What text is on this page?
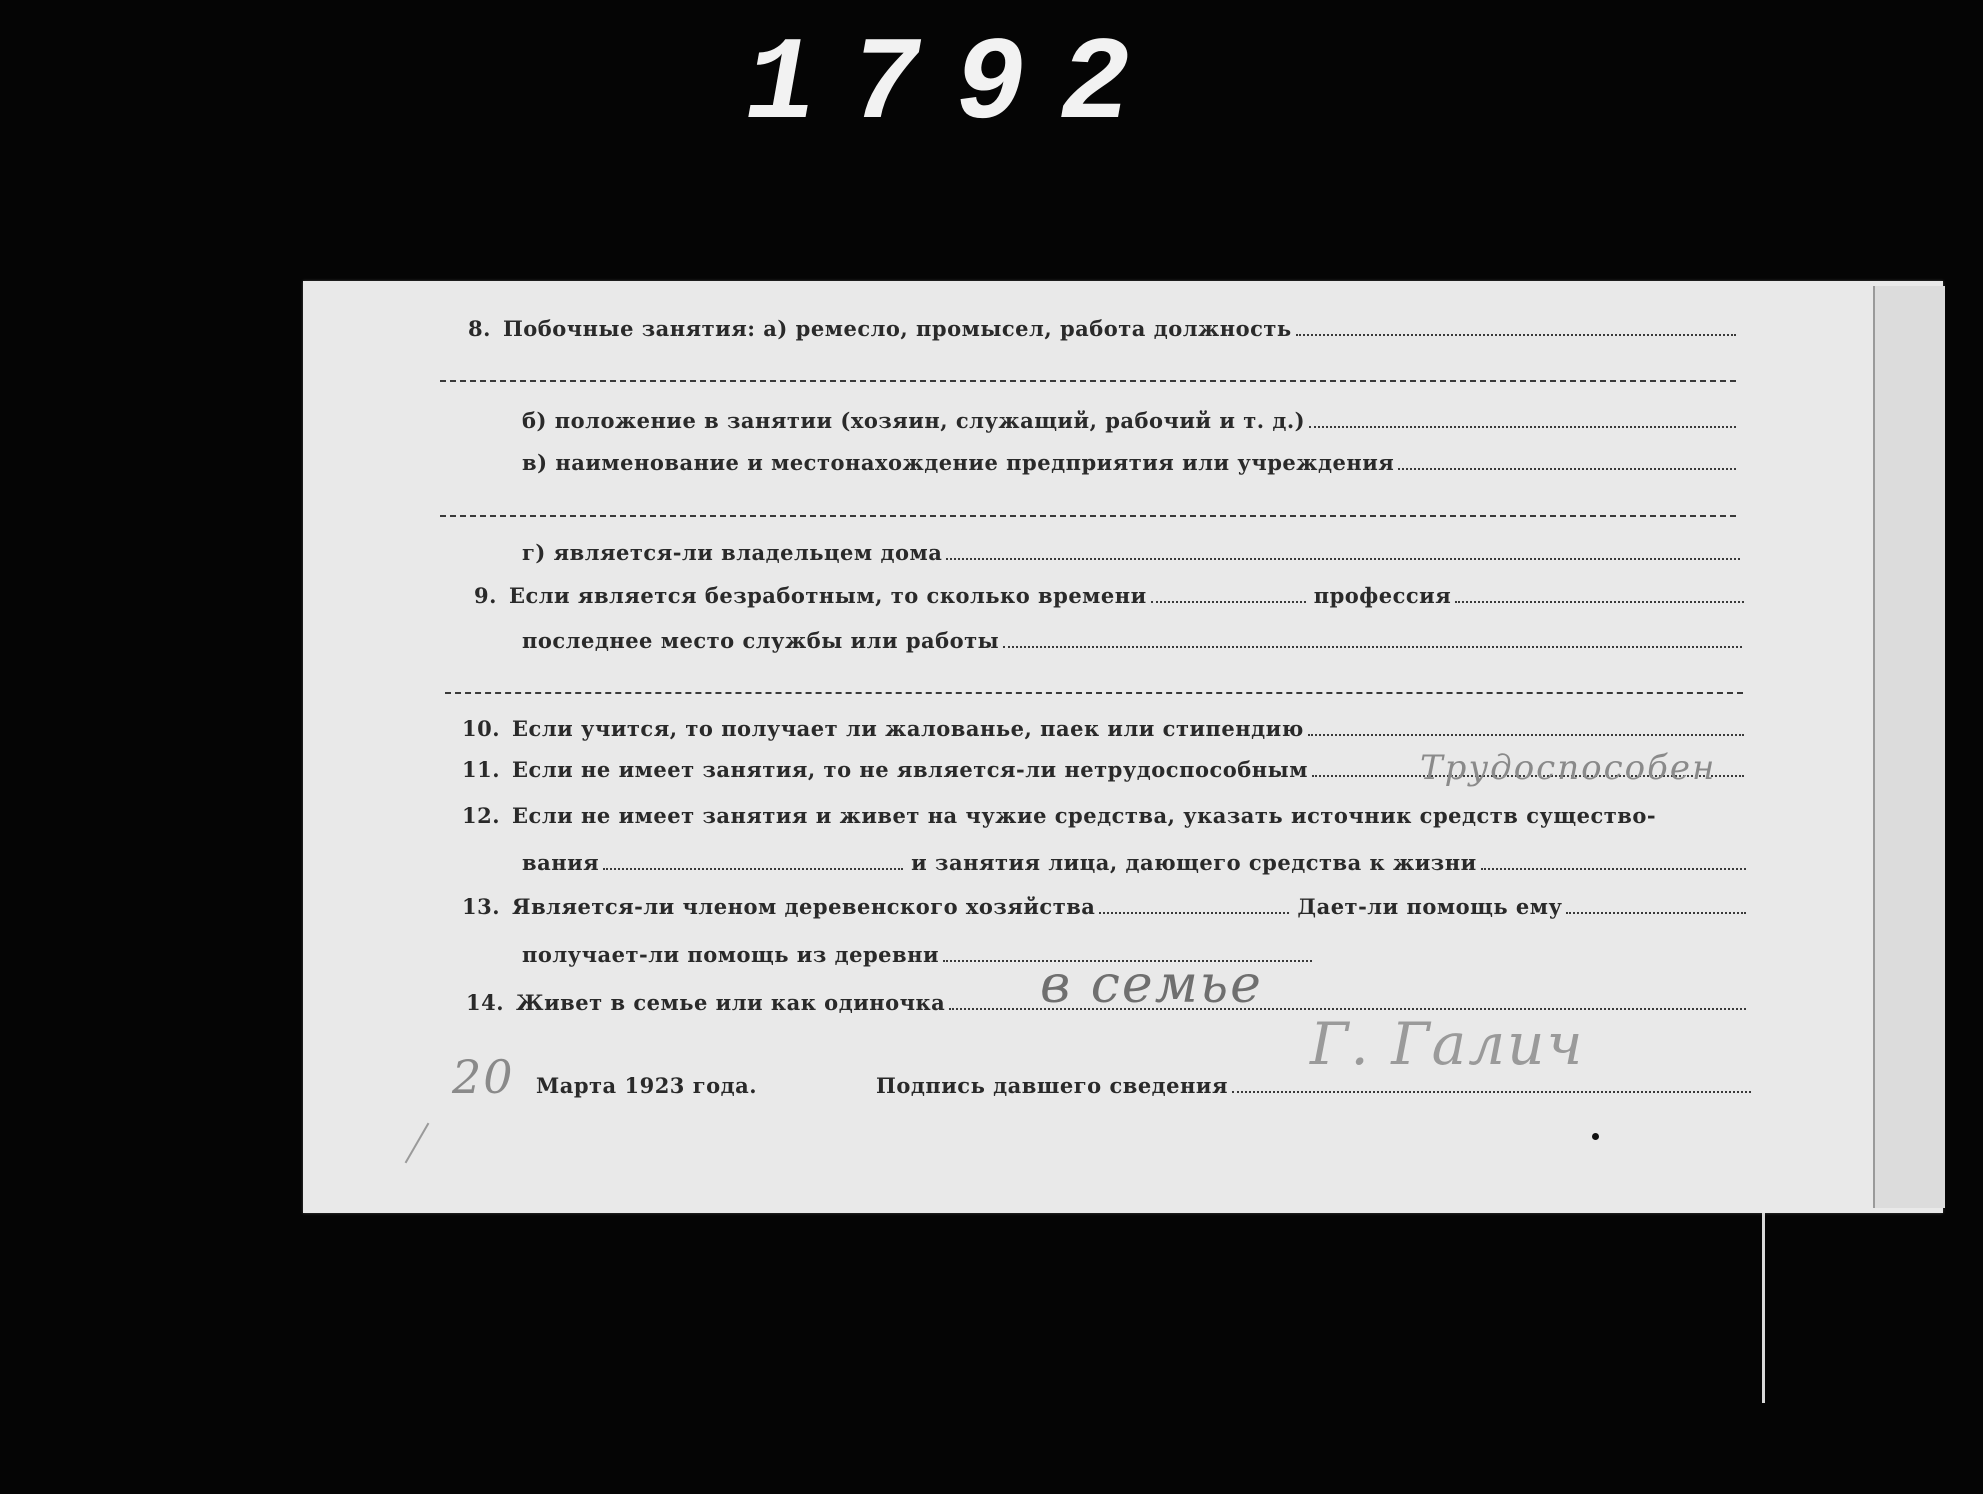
1792
8. Побочные занятия: а) ремесло, промысел, работа должность
б) положение в занятии (хозяин, служащий, рабочий и т. д.)
в) наименование и местонахождение предприятия или учреждения
г) является-ли владельцем дома
9. Если является безработным, то сколько времени	профессия
последнее место службы или работы
10. Если учится, то получает ли жалованье, паек или стипендию
11. Если не имеет занятия, то не является-ли нетрудоспособным	Трудоспособен
12. Если не имеет занятия и живет на чужие средства, указать источник средств существо-
вания	и занятия лица, дающего средства к жизни
13. Является-ли членом деревенского хозяйства	Дает-ли помощь ему
получает-ли помощь из деревни
14. Живет в семье или как одиночка в семье
20 Марта 1923 года.	Подпись давшего сведения
Г. Галич
